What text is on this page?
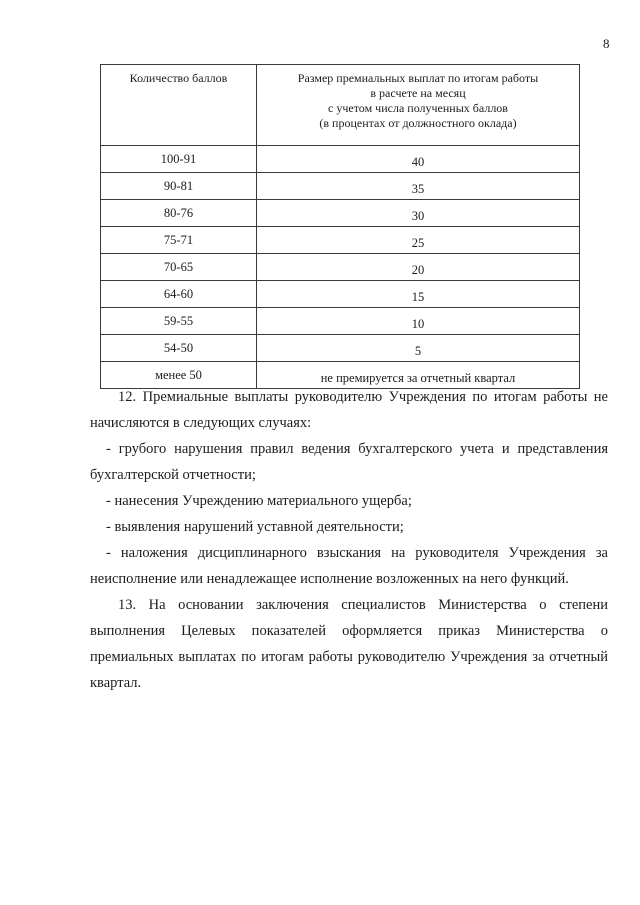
8
Количество баллов	Размер премиальных выплат по итогам работы
в расчете на месяц
с учетом числа полученных баллов
(в процентах от должностного оклада)

100-91	40
90-81	35
80-76	30
75-71	25
70-65	20
64-60	15
59-55	10
54-50	5
менее 50	не премируется за отчетный квартал

12. Премиальные выплаты руководителю Учреждения по итогам работы не

начисляются в следующих случаях:

- грубого нарушения правил ведения бухгалтерского учета и представления

бухгалтерской отчетности;

- нанесения Учреждению материального ущерба;

- выявления нарушений уставной деятельности;

- наложения дисциплинарного взыскания на руководителя Учреждения за

неисполнение или ненадлежащее исполнение возложенных на него функций.

13. На основании заключения специалистов Министерства о степени

выполнения Целевых показателей оформляется приказ Министерства о

премиальных выплатах по итогам работы руководителю Учреждения за отчетный

квартал.
